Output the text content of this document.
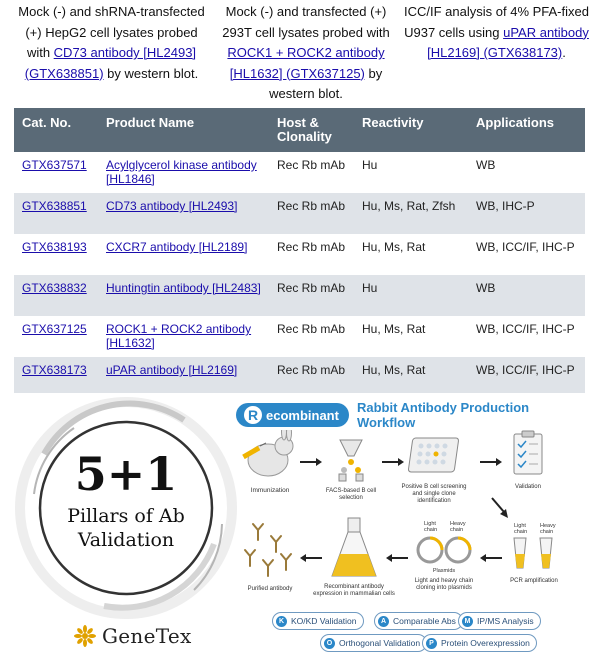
Mock (-) and shRNA-transfected (+) HepG2 cell lysates probed with CD73 antibody [HL2493] (GTX638851) by western blot.
Mock (-) and transfected (+) 293T cell lysates probed with ROCK1 + ROCK2 antibody [HL1632] (GTX637125) by western blot.
ICC/IF analysis of 4% PFA-fixed U937 cells using uPAR antibody [HL2169] (GTX638173).
Cat. No.	Product Name	Host & Clonality	Reactivity	Applications
GTX637571	Acylglycerol kinase antibody [HL1846]	Rec Rb mAb	Hu	WB
GTX638851	CD73 antibody [HL2493]	Rec Rb mAb	Hu, Ms, Rat, Zfsh	WB, IHC-P
GTX638193	CXCR7 antibody [HL2189]	Rec Rb mAb	Hu, Ms, Rat	WB, ICC/IF, IHC-P
GTX638832	Huntingtin antibody [HL2483]	Rec Rb mAb	Hu	WB
GTX637125	ROCK1 + ROCK2 antibody [HL1632]	Rec Rb mAb	Hu, Ms, Rat	WB, ICC/IF, IHC-P
GTX638173	uPAR antibody [HL2169]	Rec Rb mAb	Hu, Ms, Rat	WB, ICC/IF, IHC-P
5+1
Pillars of Ab
Validation
GeneTex
R ecombinant Rabbit Antibody Production Workflow
Immunization	FACS-based B cell
selection
Positive B cell screening
and single clone
identification
Validation
Purified antibody	Recombinant antibody
expression in mammalian cells
Light
chain
Heavy
chain
Plasmids
Light and heavy chain
cloning into plasmids
Light
chain
Heavy
chain
PCR amplification
K KO/KD Validation	A Comparable Abs	M IP/MS Analysis
O Orthogonal Validation	P Protein Overexpression
